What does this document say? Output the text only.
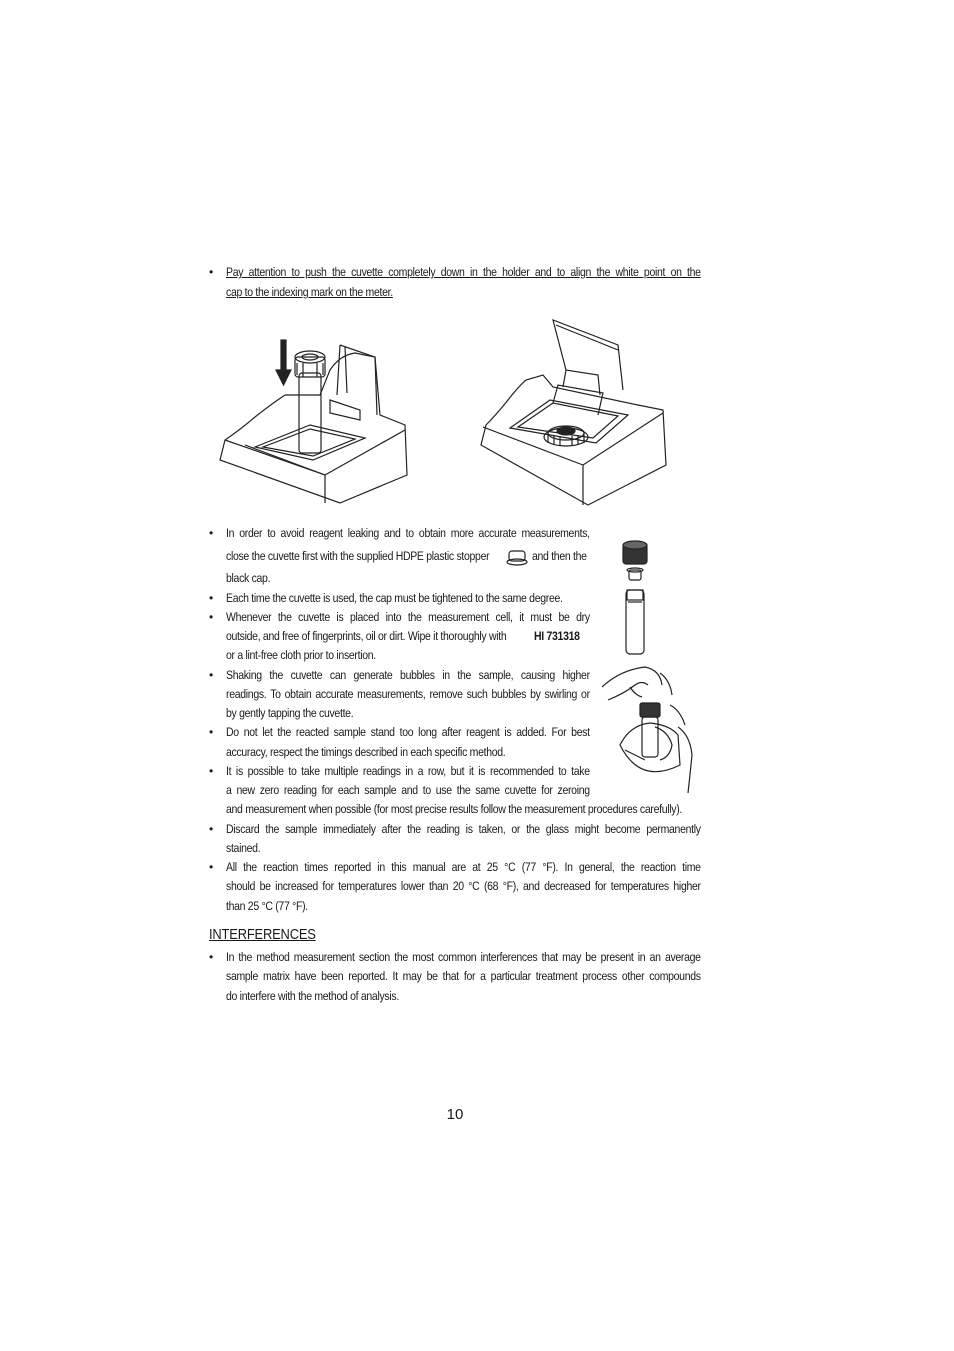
• Pay attention to push the cuvette completely down in the holder and to align the white point on the
cap to the indexing mark on the meter.
• In order to avoid reagent leaking and to obtain more accurate measurements,
close the cuvette first with the supplied HDPE plastic stopper	and then the
black cap.
• Each time the cuvette is used, the cap must be tightened to the same degree.
• Whenever the cuvette is placed into the measurement cell, it must be dry
outside, and free of fingerprints, oil or dirt. Wipe it thoroughly with HI 731318
or a lint-free cloth prior to insertion.
• Shaking the cuvette can generate bubbles in the sample, causing higher
readings. To obtain accurate measurements, remove such bubbles by swirling or
by gently tapping the cuvette.
• Do not let the reacted sample stand too long after reagent is added. For best
accuracy, respect the timings described in each specific method.
• It is possible to take multiple readings in a row, but it is recommended to take
a new zero reading for each sample and to use the same cuvette for zeroing
and measurement when possible (for most precise results follow the measurement procedures carefully).
• Discard the sample immediately after the reading is taken, or the glass might become permanently
stained.
• All the reaction times reported in this manual are at 25 °C (77 °F). In general, the reaction time
should be increased for temperatures lower than 20 °C (68 °F), and decreased for temperatures higher
than 25 °C (77 °F).
INTERFERENCES
• In the method measurement section the most common interferences that may be present in an average
sample matrix have been reported. It may be that for a particular treatment process other compounds
do interfere with the method of analysis.
10
